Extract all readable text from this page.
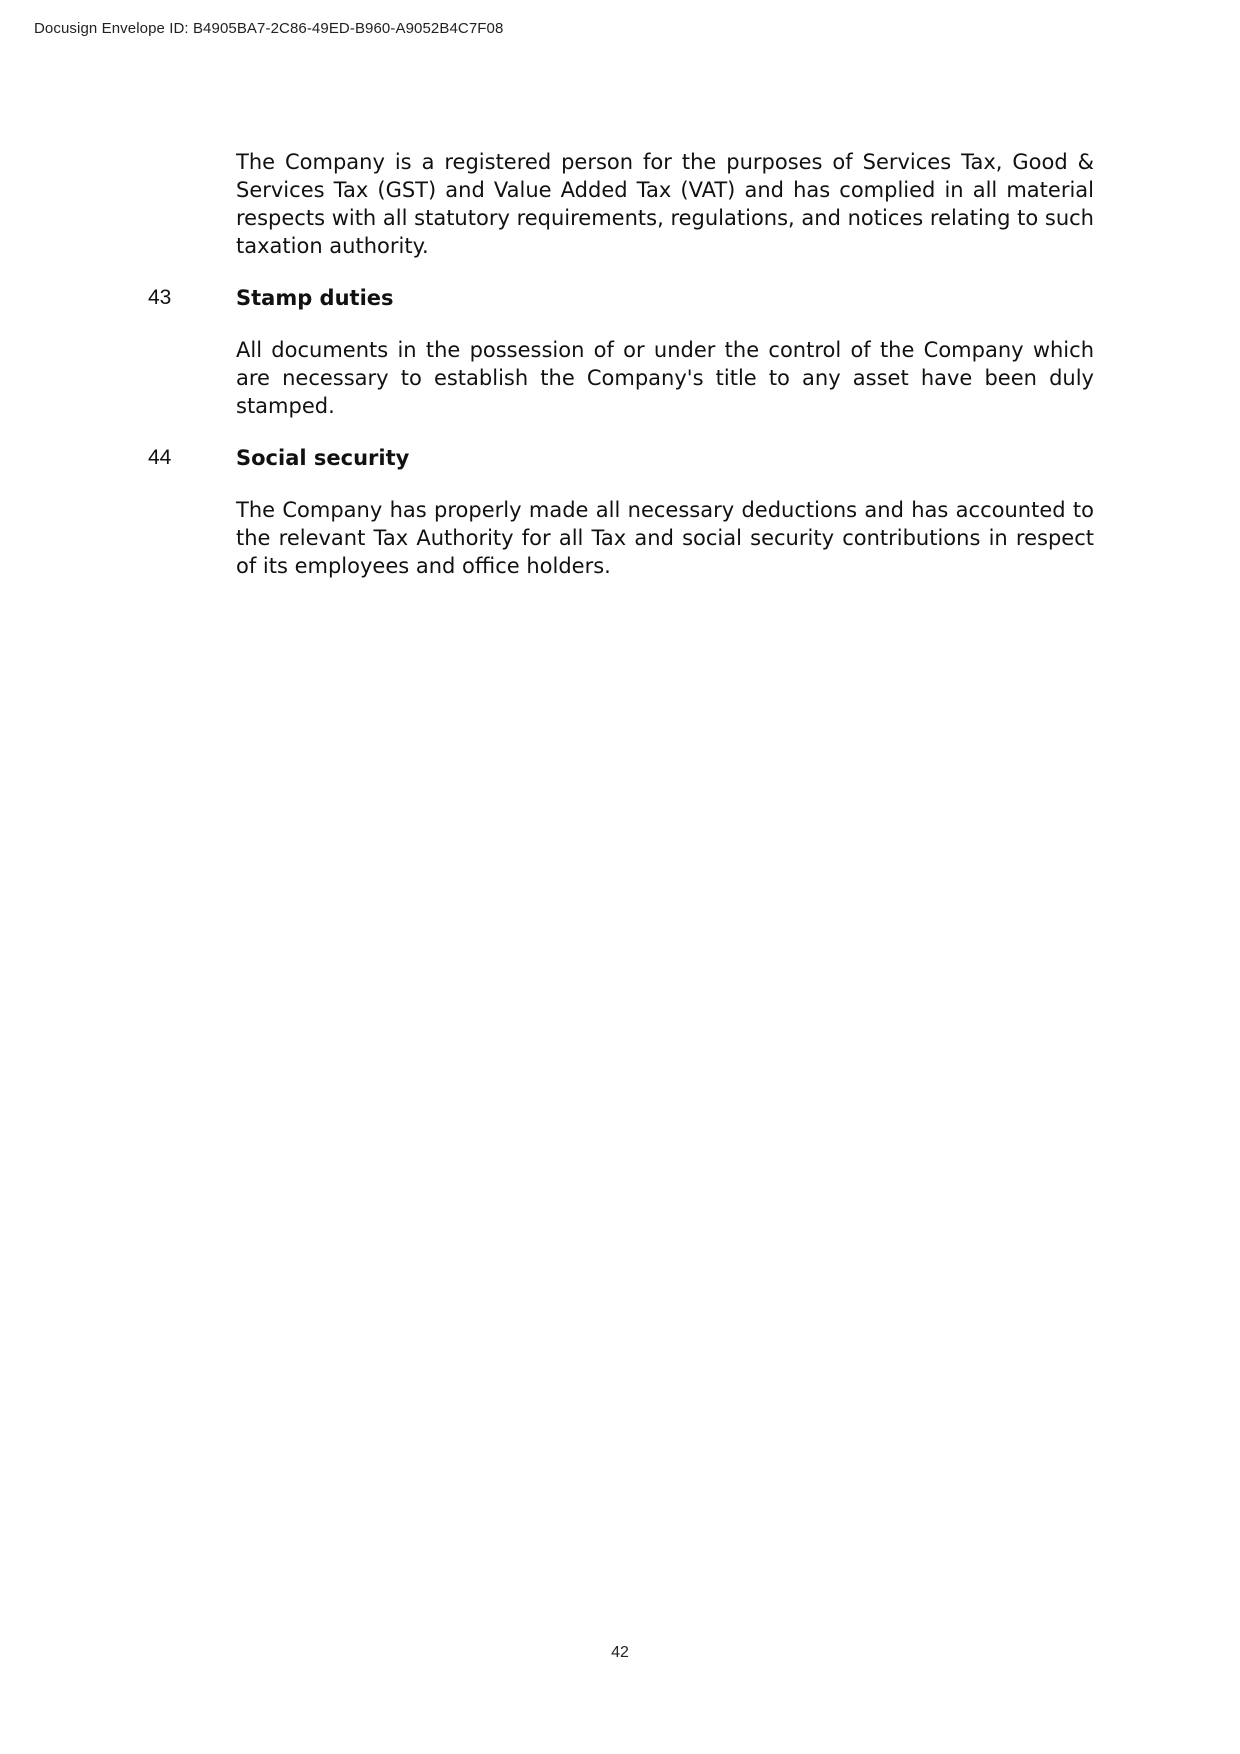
Docusign Envelope ID: B4905BA7-2C86-49ED-B960-A9052B4C7F08

The Company is a registered person for the purposes of Services Tax, Good & Services Tax (GST) and Value Added Tax (VAT) and has complied in all material respects with all statutory requirements, regulations, and notices relating to such taxation authority.

43	Stamp duties

All documents in the possession of or under the control of the Company which are necessary to establish the Company's title to any asset have been duly stamped.

44	Social security

The Company has properly made all necessary deductions and has accounted to the relevant Tax Authority for all Tax and social security contributions in respect of its employees and office holders.

42
